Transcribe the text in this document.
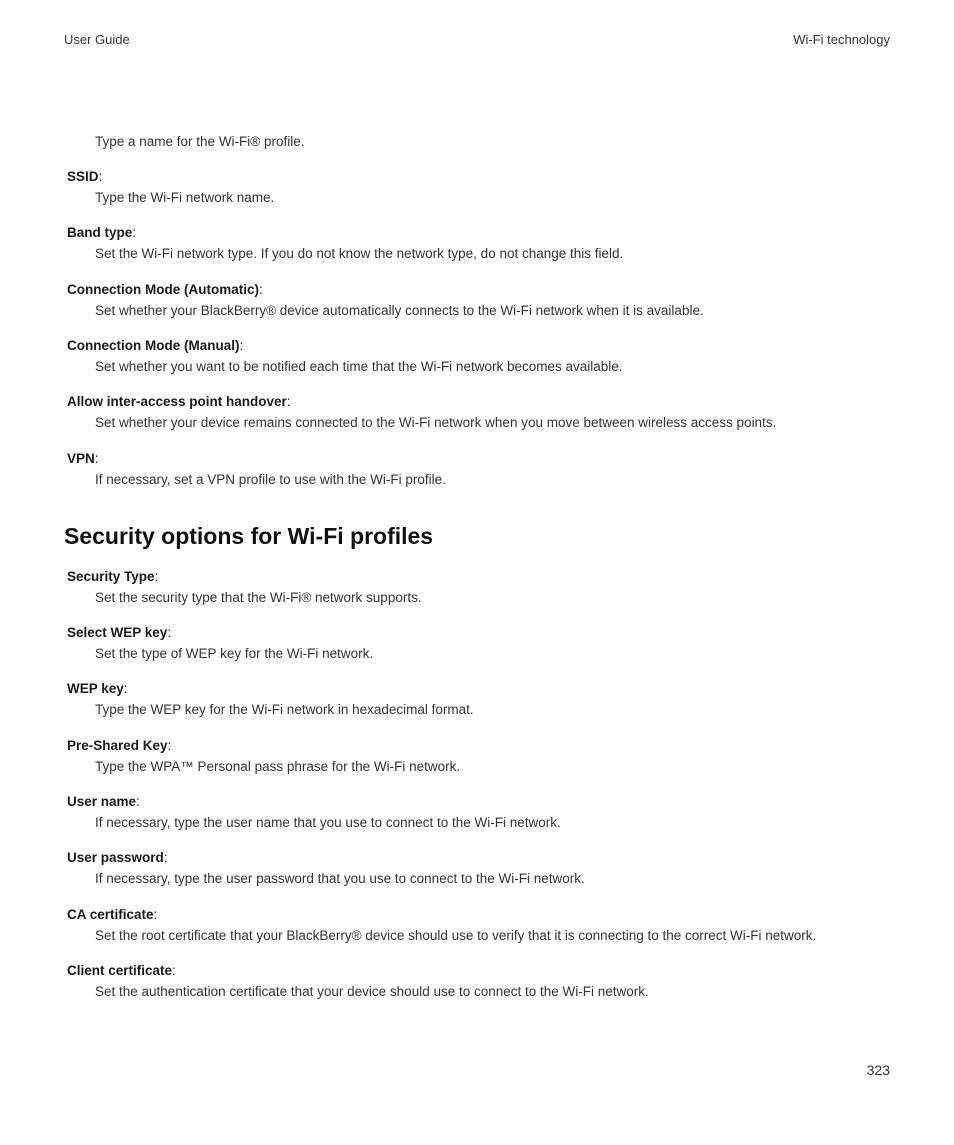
User Guide	Wi-Fi technology
Type a name for the Wi-Fi® profile.
SSID:
Type the Wi-Fi network name.
Band type:
Set the Wi-Fi network type. If you do not know the network type, do not change this field.
Connection Mode (Automatic):
Set whether your BlackBerry® device automatically connects to the Wi-Fi network when it is available.
Connection Mode (Manual):
Set whether you want to be notified each time that the Wi-Fi network becomes available.
Allow inter-access point handover:
Set whether your device remains connected to the Wi-Fi network when you move between wireless access points.
VPN:
If necessary, set a VPN profile to use with the Wi-Fi profile.
Security options for Wi-Fi profiles
Security Type:
Set the security type that the Wi-Fi® network supports.
Select WEP key:
Set the type of WEP key for the Wi-Fi network.
WEP key:
Type the WEP key for the Wi-Fi network in hexadecimal format.
Pre-Shared Key:
Type the WPA™ Personal pass phrase for the Wi-Fi network.
User name:
If necessary, type the user name that you use to connect to the Wi-Fi network.
User password:
If necessary, type the user password that you use to connect to the Wi-Fi network.
CA certificate:
Set the root certificate that your BlackBerry® device should use to verify that it is connecting to the correct Wi-Fi network.
Client certificate:
Set the authentication certificate that your device should use to connect to the Wi-Fi network.
323
